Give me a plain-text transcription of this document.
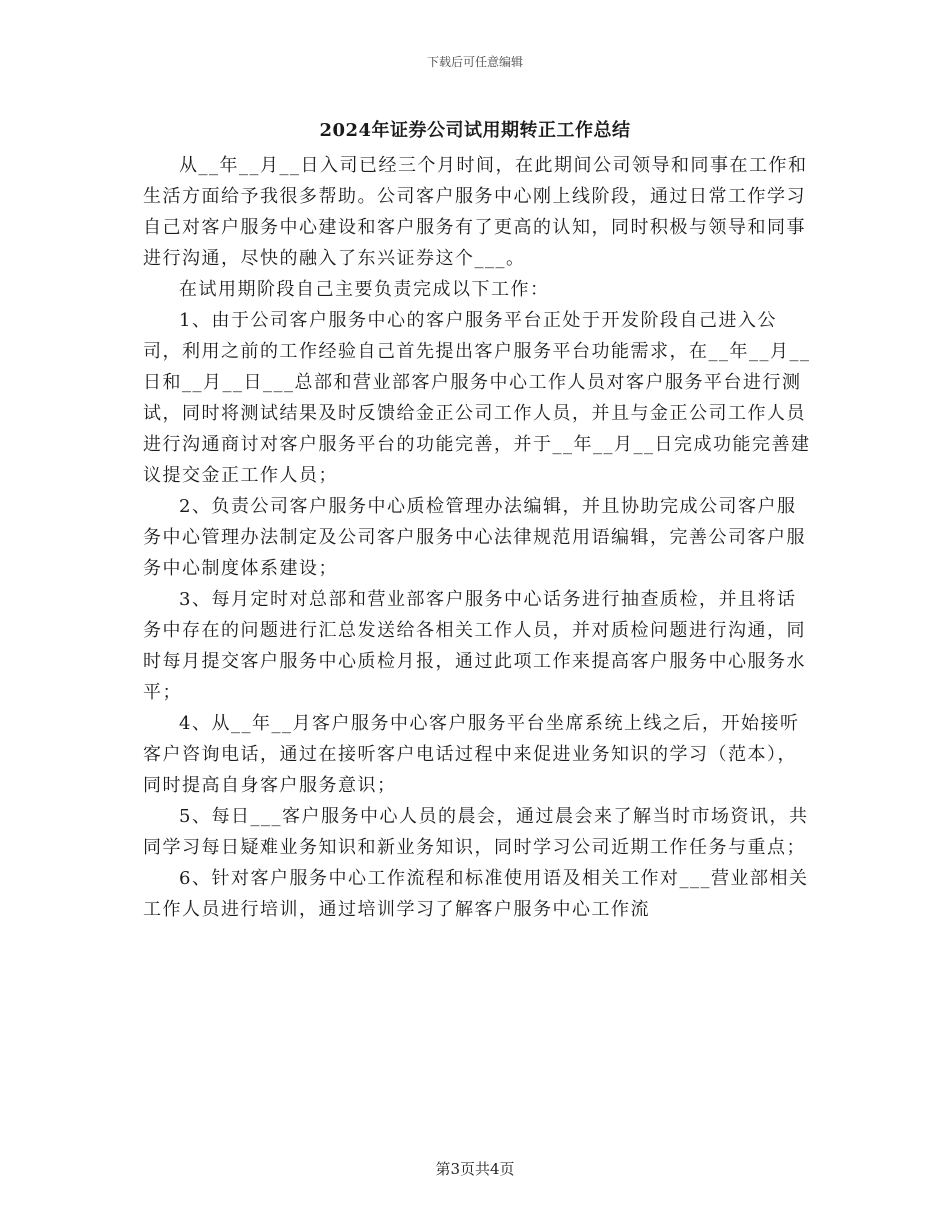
下载后可任意编辑
2024年证券公司试用期转正工作总结

从__年__月__日入司已经三个月时间，在此期间公司领导和同事在工作和生活方面给予我很多帮助。公司客户服务中心刚上线阶段，通过日常工作学习自己对客户服务中心建设和客户服务有了更高的认知，同时积极与领导和同事进行沟通，尽快的融入了东兴证券这个___。

在试用期阶段自己主要负责完成以下工作：

1、由于公司客户服务中心的客户服务平台正处于开发阶段自己进入公司，利用之前的工作经验自己首先提出客户服务平台功能需求，在__年__月__日和__月__日___总部和营业部客户服务中心工作人员对客户服务平台进行测试，同时将测试结果及时反馈给金正公司工作人员，并且与金正公司工作人员进行沟通商讨对客户服务平台的功能完善，并于__年__月__日完成功能完善建议提交金正工作人员；

2、负责公司客户服务中心质检管理办法编辑，并且协助完成公司客户服务中心管理办法制定及公司客户服务中心法律规范用语编辑，完善公司客户服务中心制度体系建设；

3、每月定时对总部和营业部客户服务中心话务进行抽查质检，并且将话务中存在的问题进行汇总发送给各相关工作人员，并对质检问题进行沟通，同时每月提交客户服务中心质检月报，通过此项工作来提高客户服务中心服务水平；

4、从__年__月客户服务中心客户服务平台坐席系统上线之后，开始接听客户咨询电话，通过在接听客户电话过程中来促进业务知识的学习（范本），同时提高自身客户服务意识；

5、每日___客户服务中心人员的晨会，通过晨会来了解当时市场资讯，共同学习每日疑难业务知识和新业务知识，同时学习公司近期工作任务与重点；

6、针对客户服务中心工作流程和标准使用语及相关工作对___营业部相关工作人员进行培训，通过培训学习了解客户服务中心工作流

第3页共4页
